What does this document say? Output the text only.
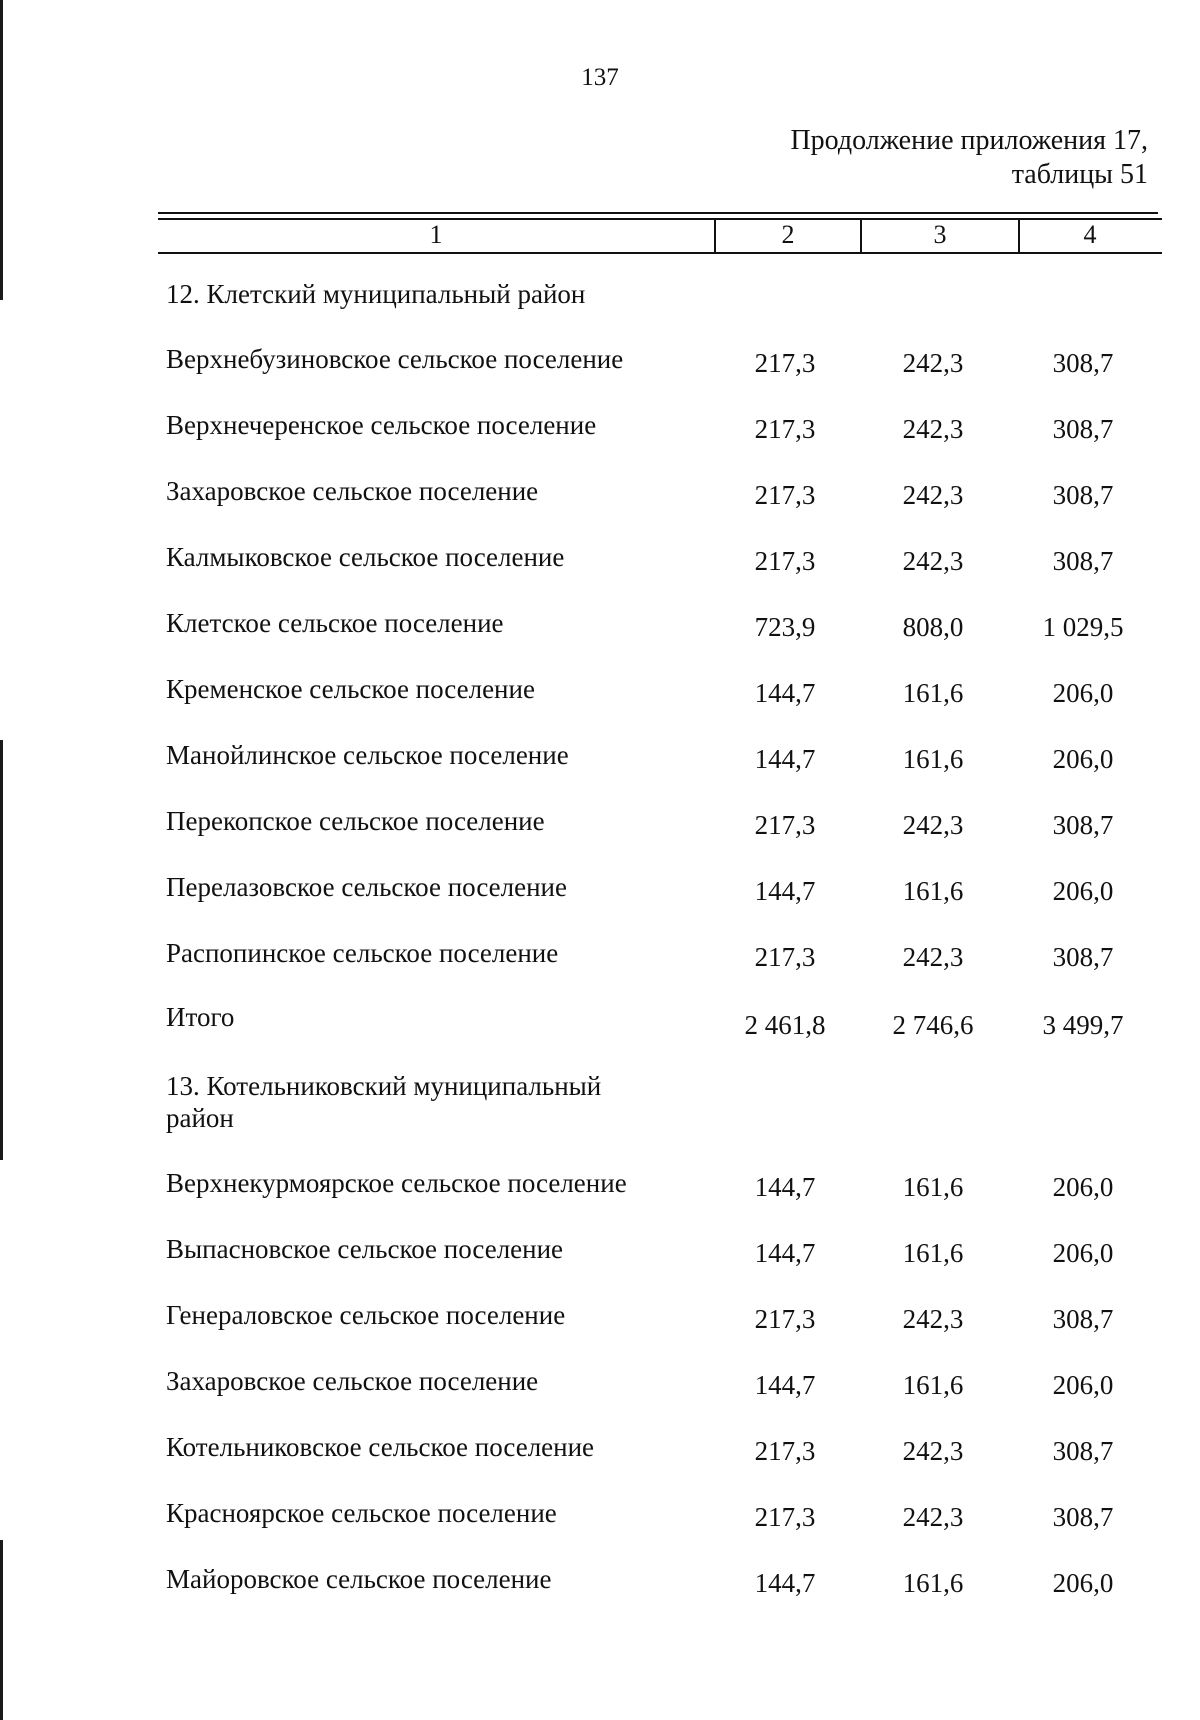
137
Продолжение приложения 17,
таблицы 51
1	2	3	4
12. Клетский муниципальный район
Верхнебузиновское сельское поселение	217,3	242,3	308,7
Верхнечеренское сельское поселение	217,3	242,3	308,7
Захаровское сельское поселение	217,3	242,3	308,7
Калмыковское сельское поселение	217,3	242,3	308,7
Клетское сельское поселение	723,9	808,0	1 029,5
Кременское сельское поселение	144,7	161,6	206,0
Манойлинское сельское поселение	144,7	161,6	206,0
Перекопское сельское поселение	217,3	242,3	308,7
Перелазовское сельское поселение	144,7	161,6	206,0
Распопинское сельское поселение	217,3	242,3	308,7
Итого	2 461,8	2 746,6	3 499,7
13. Котельниковский муниципальный район
Верхнекурмоярское сельское поселение	144,7	161,6	206,0
Выпасновское сельское поселение	144,7	161,6	206,0
Генераловское сельское поселение	217,3	242,3	308,7
Захаровское сельское поселение	144,7	161,6	206,0
Котельниковское сельское поселение	217,3	242,3	308,7
Красноярское сельское поселение	217,3	242,3	308,7
Майоровское сельское поселение	144,7	161,6	206,0
